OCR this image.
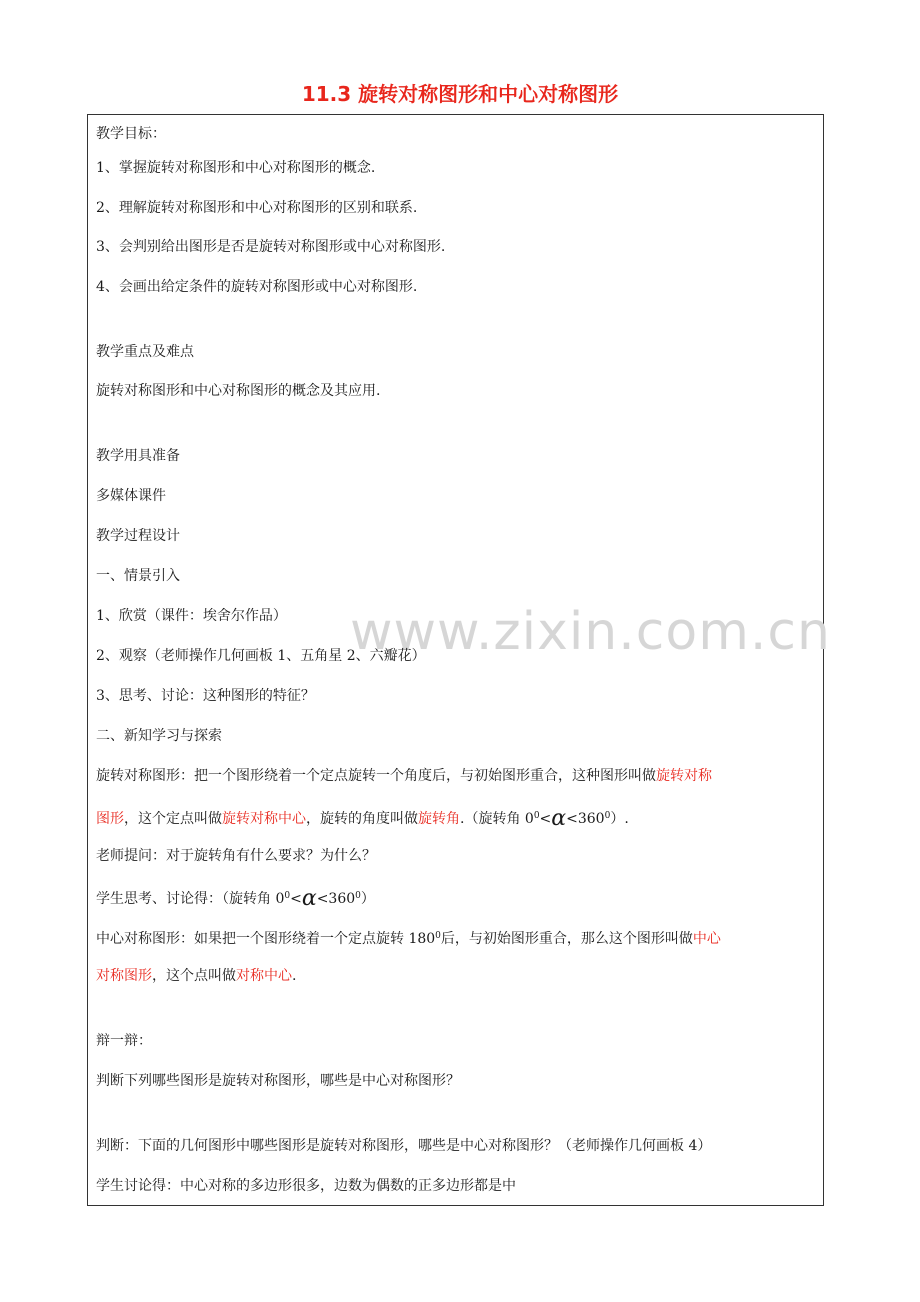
11.3 旋转对称图形和中心对称图形
www.zixin.com.cn
教学目标：
1、掌握旋转对称图形和中心对称图形的概念.
2、理解旋转对称图形和中心对称图形的区别和联系.
3、会判别给出图形是否是旋转对称图形或中心对称图形.
4、会画出给定条件的旋转对称图形或中心对称图形.
教学重点及难点
旋转对称图形和中心对称图形的概念及其应用.
教学用具准备
多媒体课件
教学过程设计
一、情景引入
1、欣赏（课件：埃舍尔作品）
2、观察（老师操作几何画板 1、五角星 2、六瓣花）
3、思考、讨论：这种图形的特征？
二、新知学习与探索
旋转对称图形：把一个图形绕着一个定点旋转一个角度后，与初始图形重合，这种图形叫做旋转对称
图形，这个定点叫做旋转对称中心，旋转的角度叫做旋转角.（旋转角 $0^0<\alpha<360^0$）.
老师提问：对于旋转角有什么要求？为什么？
学生思考、讨论得：（旋转角 $0^0<\alpha<360^0$）
中心对称图形：如果把一个图形绕着一个定点旋转 $180^0$后，与初始图形重合，那么这个图形叫做中心
对称图形，这个点叫做对称中心.
辩一辩：
判断下列哪些图形是旋转对称图形，哪些是中心对称图形？
判断：下面的几何图形中哪些图形是旋转对称图形，哪些是中心对称图形？（老师操作几何画板 4）
学生讨论得：中心对称的多边形很多，边数为偶数的正多边形都是中
